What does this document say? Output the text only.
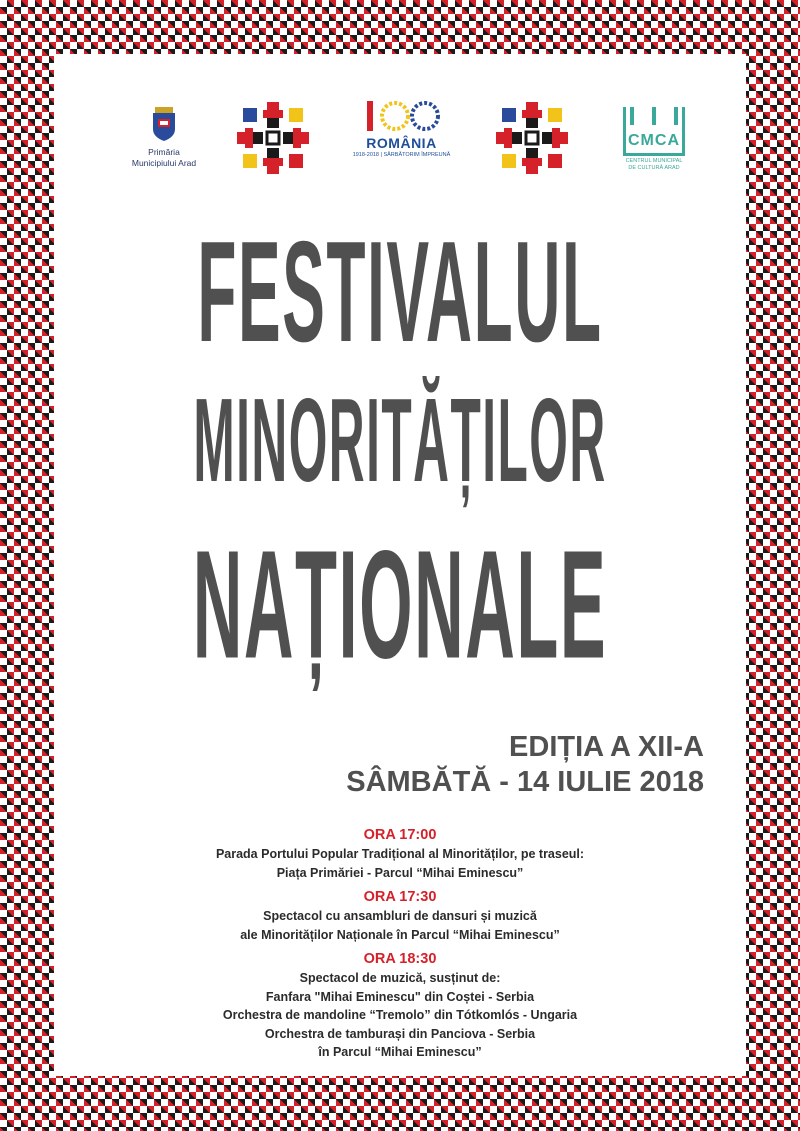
Primăria
Municipiului Arad
ROMÂNIA
1918-2018 | SĂRBĂTORIM ÎMPREUNĂ
CMCA
CENTRUL MUNICIPAL
DE CULTURĂ ARAD
FESTIVALUL
MINORITĂȚILOR
NAȚIONALE
EDIȚIA A XII-A
SÂMBĂTĂ - 14 IULIE 2018
ORA 17:00
Parada Portului Popular Tradițional al Minorităților, pe traseul:
Piața Primăriei - Parcul “Mihai Eminescu”
ORA 17:30
Spectacol cu ansambluri de dansuri și muzică
ale Minorităților Naționale în Parcul “Mihai Eminescu”
ORA 18:30
Spectacol de muzică, susținut de:
Fanfara "Mihai Eminescu" din Coștei - Serbia
Orchestra de mandoline “Tremolo” din Tótkomlós - Ungaria
Orchestra de tamburași din Panciova - Serbia
în Parcul “Mihai Eminescu”
